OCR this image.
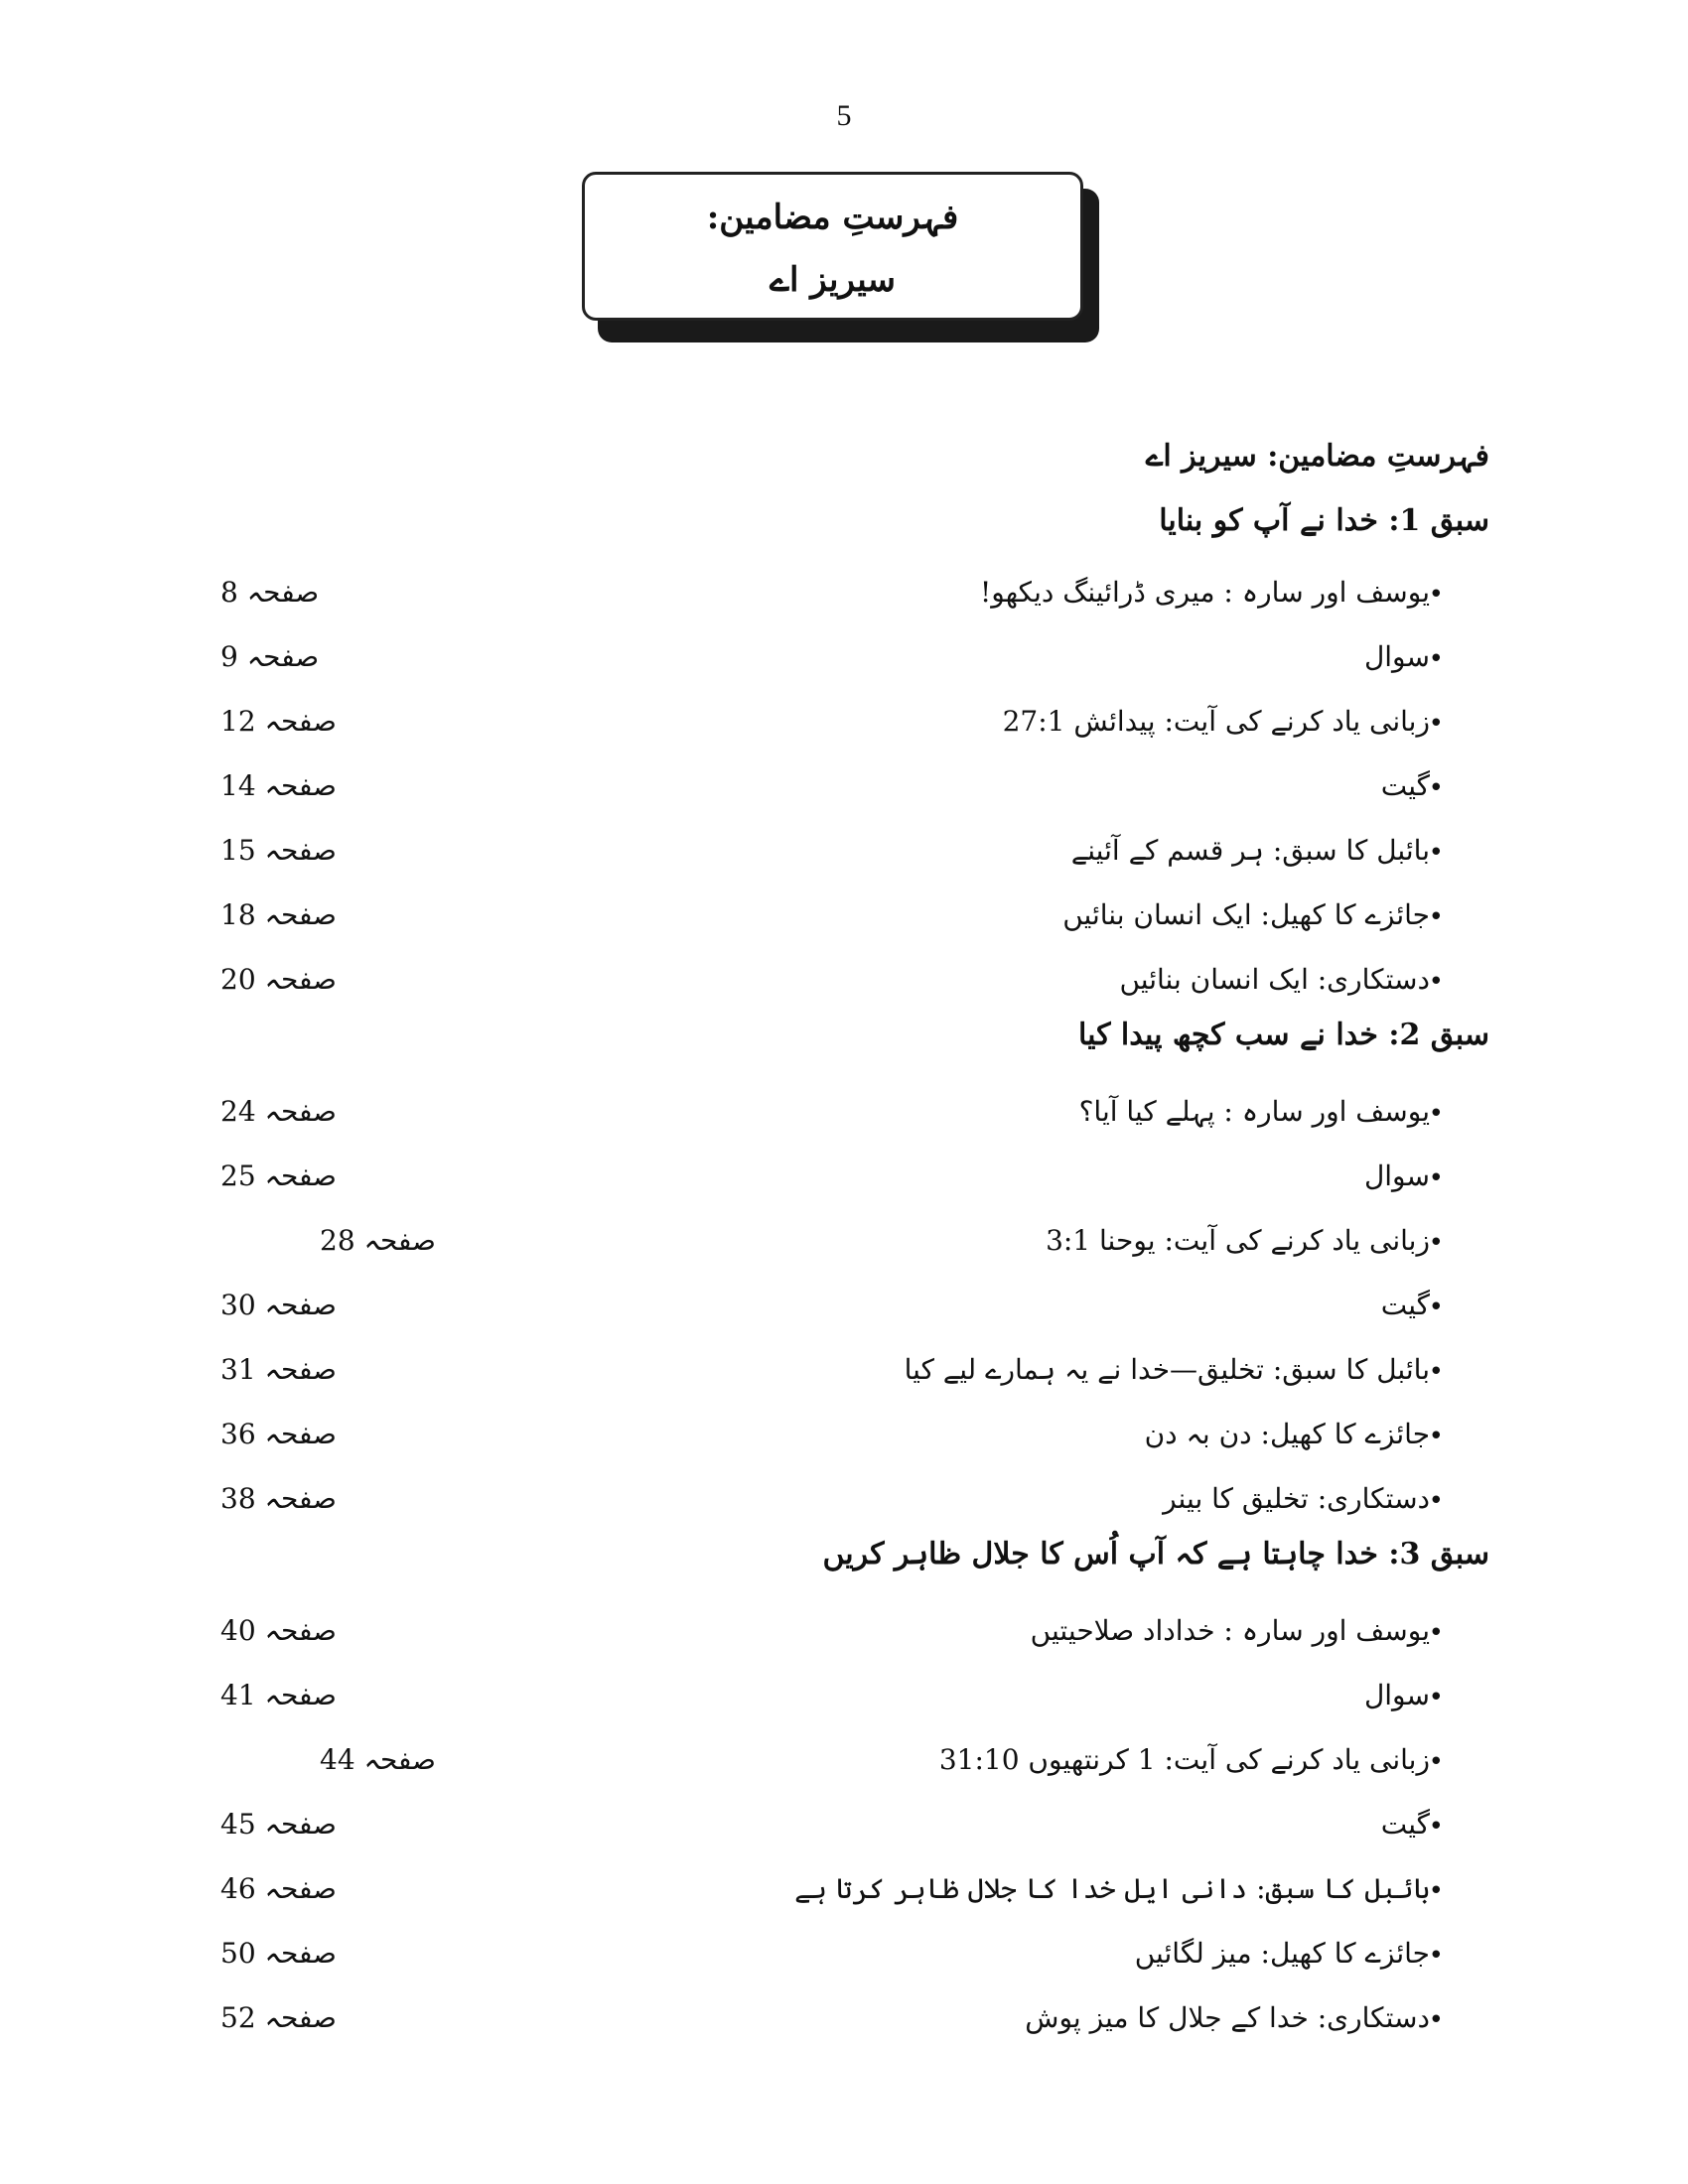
5
فہرستِ مضامین:
سیریز اے
فہرستِ مضامین: سیریز اے
سبق 1: خدا نے آپ کو بنایا
•
یوسف اور سارہ : میری ڈرائینگ دیکھو!
صفحہ 8
•
سوال
صفحہ 9
•
زبانی یاد کرنے کی آیت: پیدائش 27:1
صفحہ 12
•
گیت
صفحہ 14
•
بائبل کا سبق: ہر قسم کے آئینے
صفحہ 15
•
جائزے کا کھیل: ایک انسان بنائیں
صفحہ 18
•
دستکاری: ایک انسان بنائیں
صفحہ 20
سبق 2: خدا نے سب کچھ پیدا کیا
•
یوسف اور سارہ : پہلے کیا آیا؟
صفحہ 24
•
سوال
صفحہ 25
•
زبانی یاد کرنے کی آیت: یوحنا 3:1
صفحہ 28
•
گیت
صفحہ 30
•
بائبل کا سبق: تخلیق—خدا نے یہ ہمارے لیے کیا
صفحہ 31
•
جائزے کا کھیل: دن بہ دن
صفحہ 36
•
دستکاری: تخلیق کا بینر
صفحہ 38
سبق 3: خدا چاہتا ہے کہ آپ اُس کا جلال ظاہر کریں
•
یوسف اور سارہ : خداداد صلاحیتیں
صفحہ 40
•
سوال
صفحہ 41
•
زبانی یاد کرنے کی آیت: 1 کرنتھیوں 31:10
صفحہ 44
•
گیت
صفحہ 45
•
بائبل کا سبق: دانی ایل خدا کا جلال ظاہر کرتا ہے
صفحہ 46
•
جائزے کا کھیل: میز لگائیں
صفحہ 50
•
دستکاری: خدا کے جلال کا میز پوش
صفحہ 52
